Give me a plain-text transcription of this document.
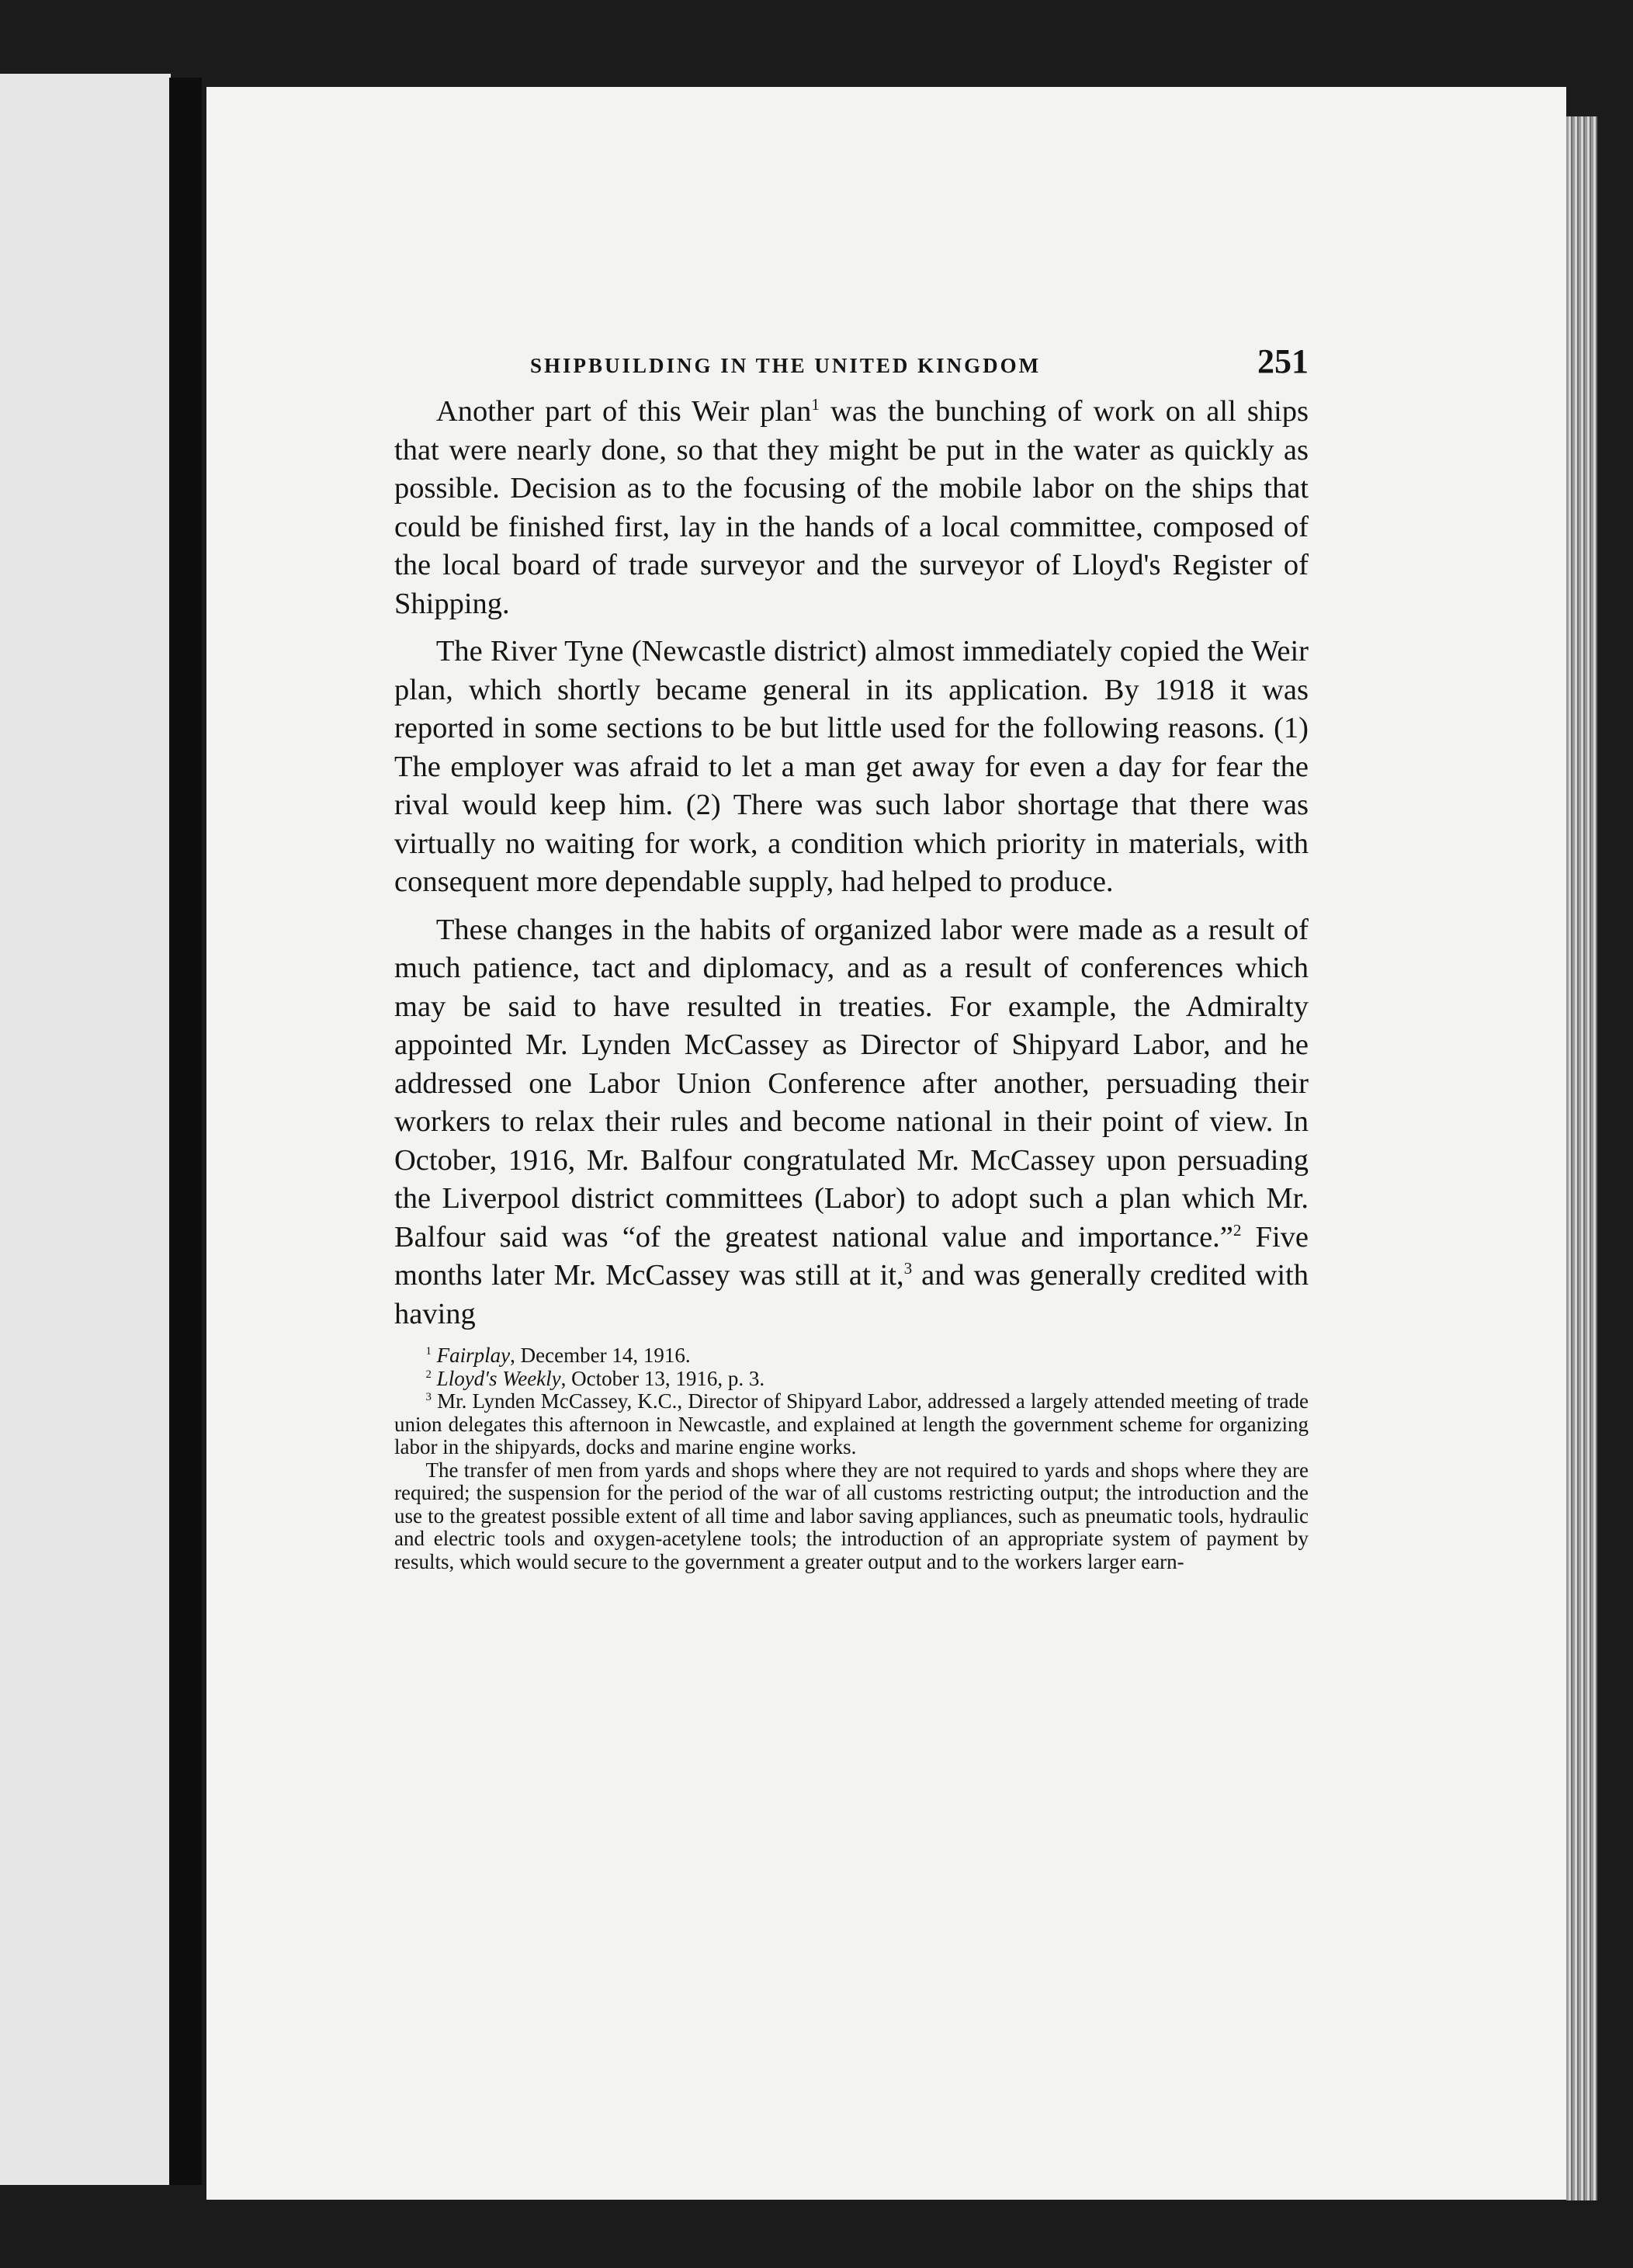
SHIPBUILDING IN THE UNITED KINGDOM	251

Another part of this Weir plan$^1$ was the bunching of work on all ships that were nearly done, so that they might be put in the water as quickly as possible. Decision as to the focusing of the mobile labor on the ships that could be finished first, lay in the hands of a local committee, composed of the local board of trade surveyor and the surveyor of Lloyd's Register of Shipping.

The River Tyne (Newcastle district) almost immediately copied the Weir plan, which shortly became general in its application. By 1918 it was reported in some sections to be but little used for the following reasons. (1) The employer was afraid to let a man get away for even a day for fear the rival would keep him. (2) There was such labor shortage that there was virtually no waiting for work, a condition which priority in materials, with consequent more dependable supply, had helped to produce.

These changes in the habits of organized labor were made as a result of much patience, tact and diplomacy, and as a result of conferences which may be said to have resulted in treaties. For example, the Admiralty appointed Mr. Lynden McCassey as Director of Shipyard Labor, and he addressed one Labor Union Conference after another, persuading their workers to relax their rules and become national in their point of view. In October, 1916, Mr. Balfour congratulated Mr. McCassey upon persuading the Liverpool district committees (Labor) to adopt such a plan which Mr. Balfour said was “of the greatest national value and importance.”$^2$ Five months later Mr. McCassey was still at it,$^3$ and was generally credited with having

$^1$ Fairplay, December 14, 1916.

$^2$ Lloyd's Weekly, October 13, 1916, p. 3.

$^3$ Mr. Lynden McCassey, K.C., Director of Shipyard Labor, addressed a largely attended meeting of trade union delegates this afternoon in Newcastle, and explained at length the government scheme for organizing labor in the shipyards, docks and marine engine works.

The transfer of men from yards and shops where they are not required to yards and shops where they are required; the suspension for the period of the war of all customs restricting output; the introduction and the use to the greatest possible extent of all time and labor saving appliances, such as pneumatic tools, hydraulic and electric tools and oxygen-acetylene tools; the introduction of an appropriate system of payment by results, which would secure to the government a greater output and to the workers larger earn-
